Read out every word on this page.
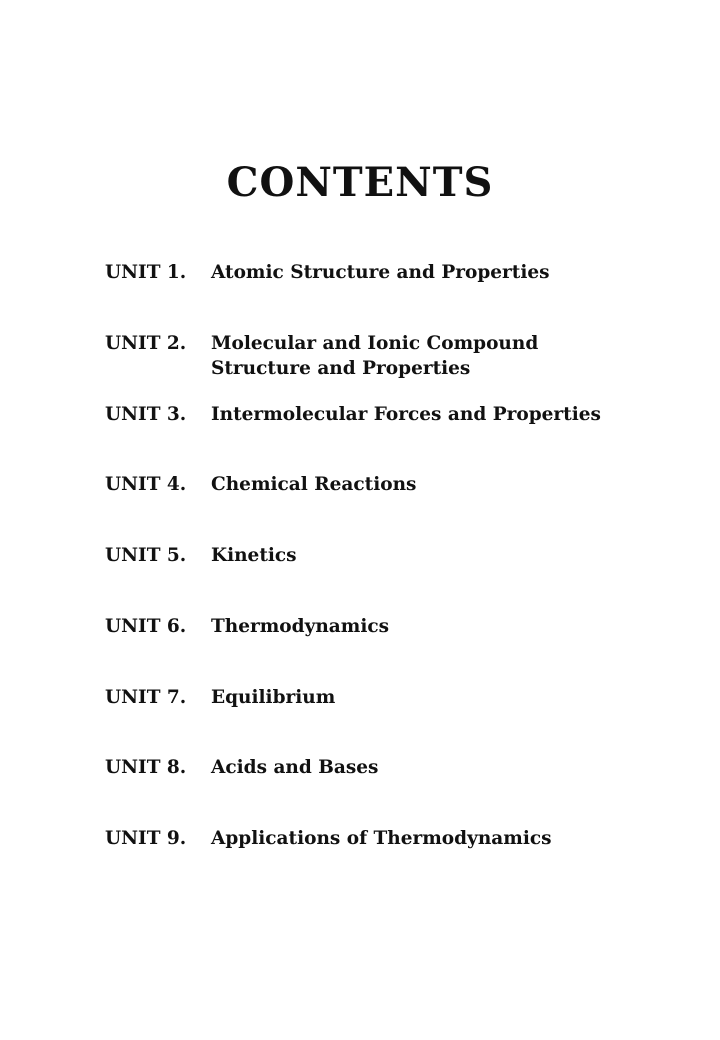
CONTENTS
UNIT 1.	Atomic Structure and Properties
UNIT 2.	Molecular and Ionic Compound
Structure and Properties
UNIT 3.	Intermolecular Forces and Properties
UNIT 4.	Chemical Reactions
UNIT 5.	Kinetics
UNIT 6.	Thermodynamics
UNIT 7.	Equilibrium
UNIT 8.	Acids and Bases
UNIT 9.	Applications of Thermodynamics
